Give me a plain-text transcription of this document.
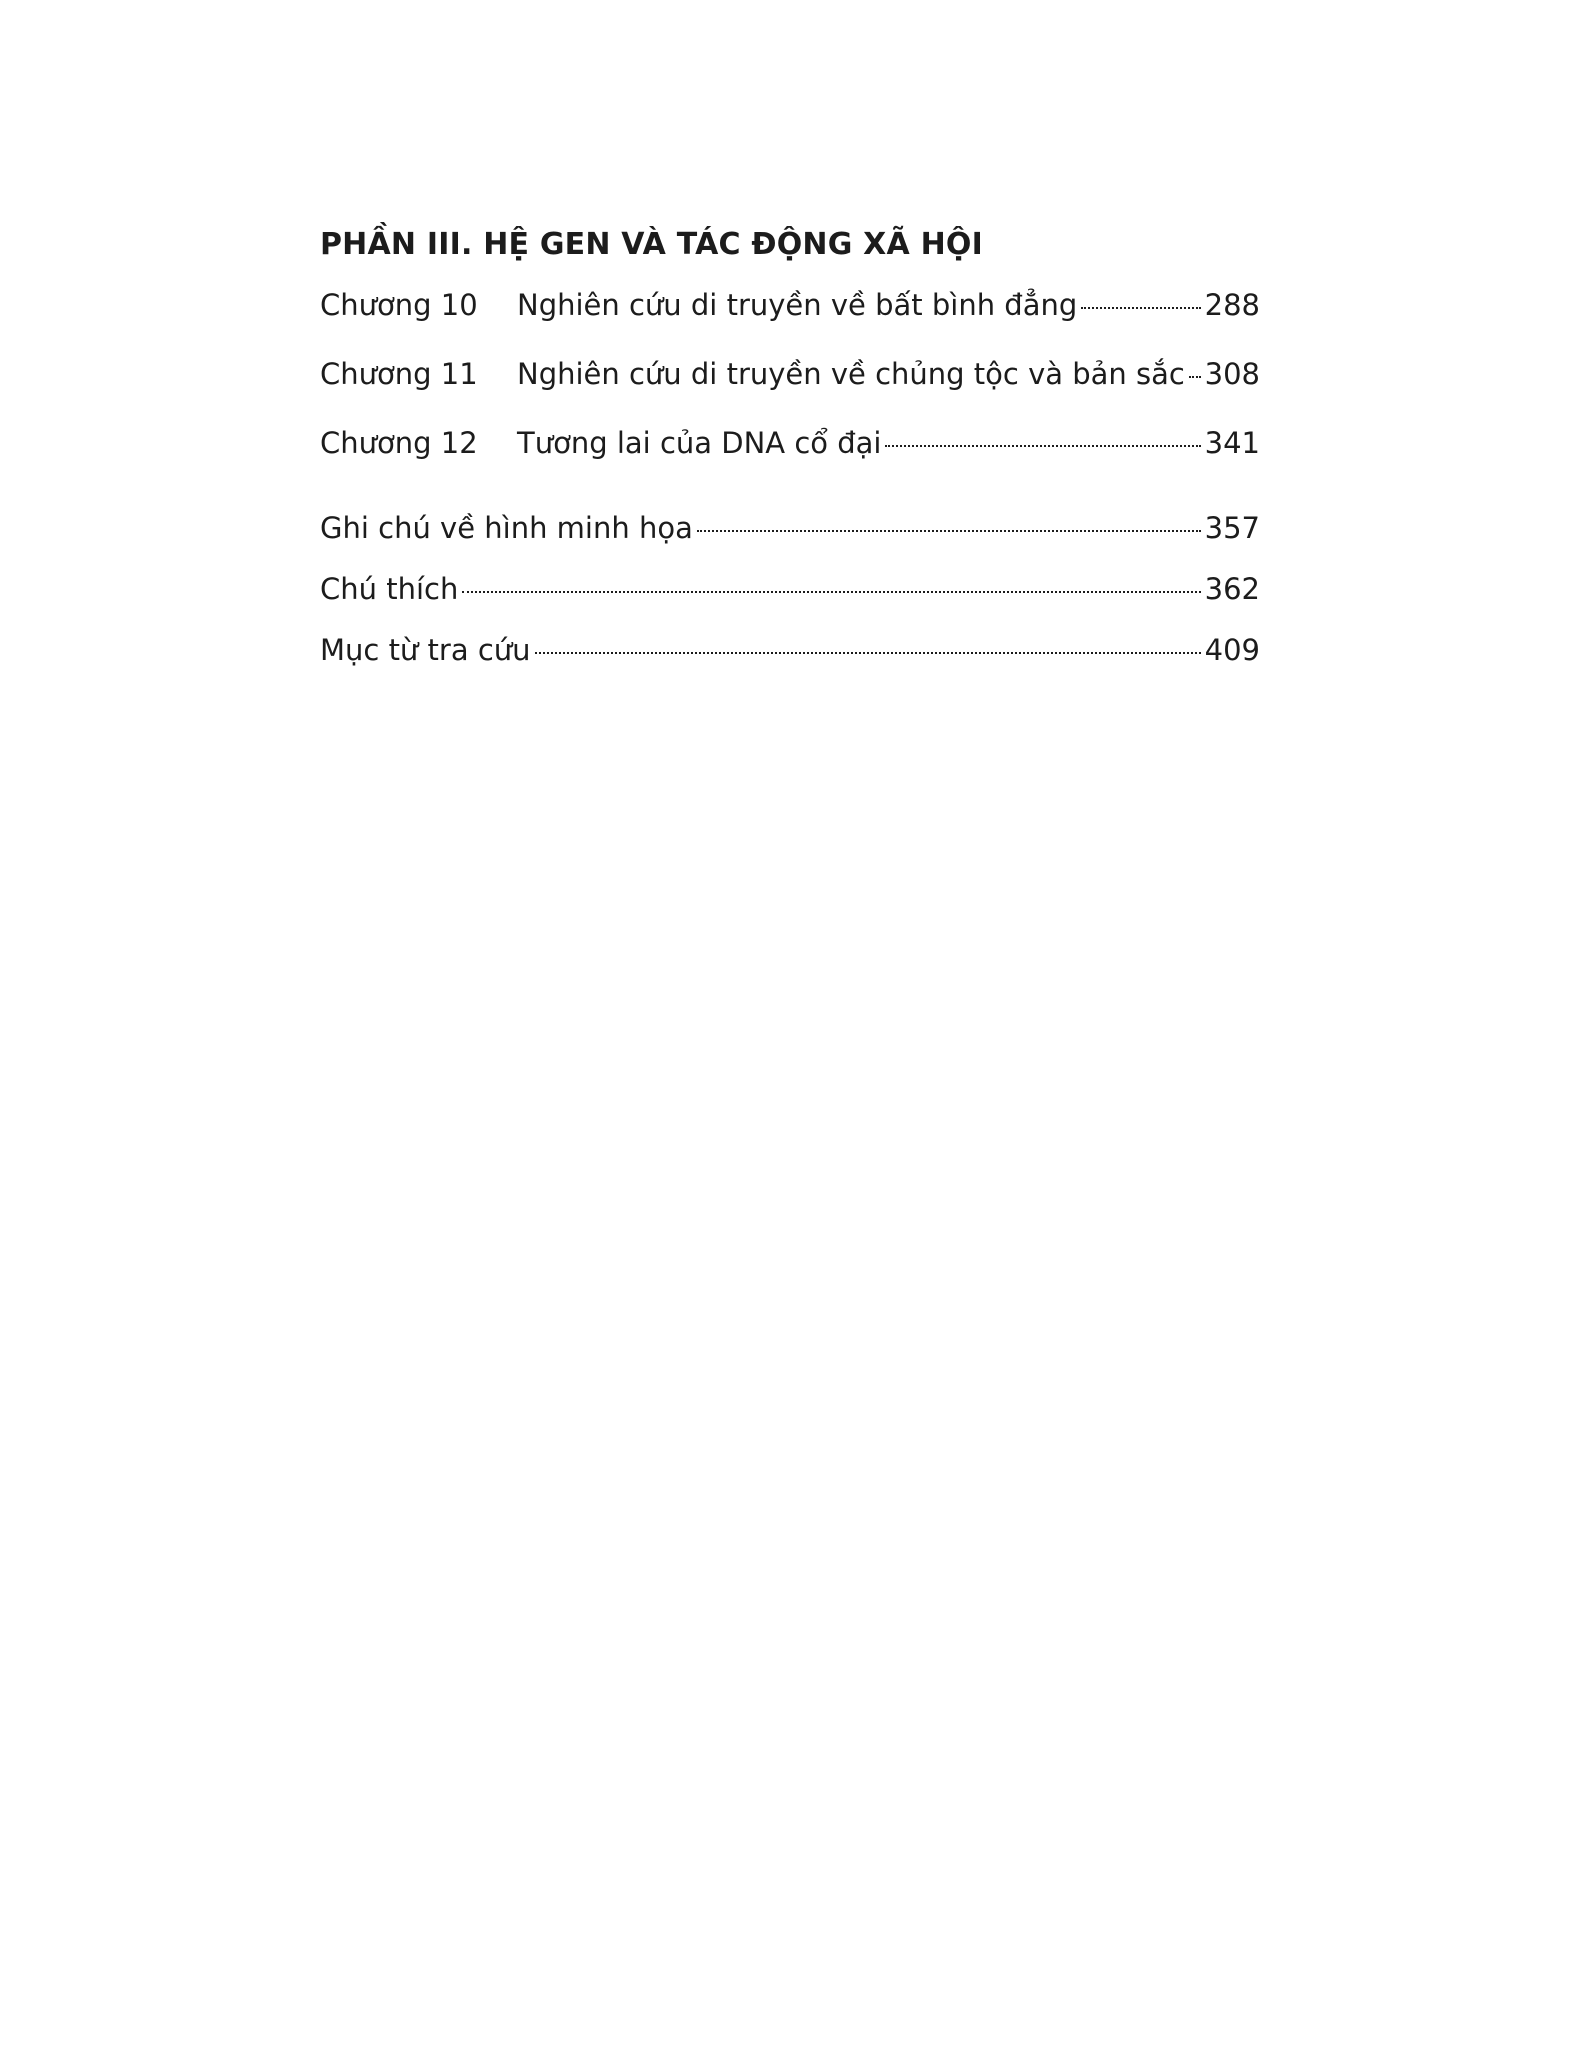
PHẦN III. HỆ GEN VÀ TÁC ĐỘNG XÃ HỘI
Chương 10	Nghiên cứu di truyền về bất bình đẳng	288
Chương 11	Nghiên cứu di truyền về chủng tộc và bản sắc 308
Chương 12	Tương lai của DNA cổ đại	341
Ghi chú về hình minh họa	357
Chú thích	362
Mục từ tra cứu	409
